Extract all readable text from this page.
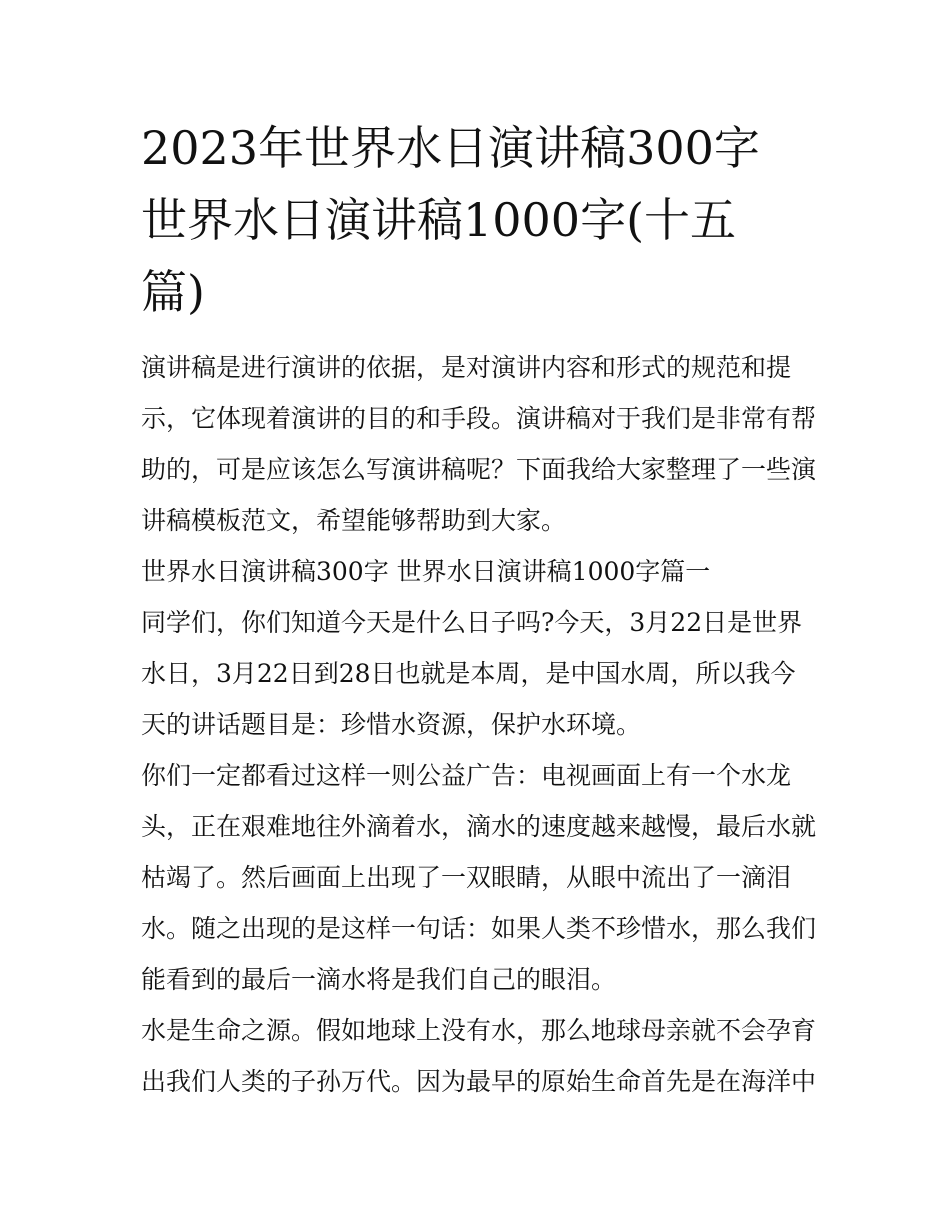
2023年世界水日演讲稿300字
世界水日演讲稿1000字(十五
篇)

演讲稿是进行演讲的依据，是对演讲内容和形式的规范和提
示，它体现着演讲的目的和手段。演讲稿对于我们是非常有帮
助的，可是应该怎么写演讲稿呢？下面我给大家整理了一些演
讲稿模板范文，希望能够帮助到大家。

世界水日演讲稿300字 世界水日演讲稿1000字篇一

同学们，你们知道今天是什么日子吗?今天，3月22日是世界
水日，3月22日到28日也就是本周，是中国水周，所以我今
天的讲话题目是：珍惜水资源，保护水环境。

你们一定都看过这样一则公益广告：电视画面上有一个水龙
头，正在艰难地往外滴着水，滴水的速度越来越慢，最后水就
枯竭了。然后画面上出现了一双眼睛，从眼中流出了一滴泪
水。随之出现的是这样一句话：如果人类不珍惜水，那么我们
能看到的最后一滴水将是我们自己的眼泪。

水是生命之源。假如地球上没有水，那么地球母亲就不会孕育
出我们人类的子孙万代。因为最早的原始生命首先是在海洋中
